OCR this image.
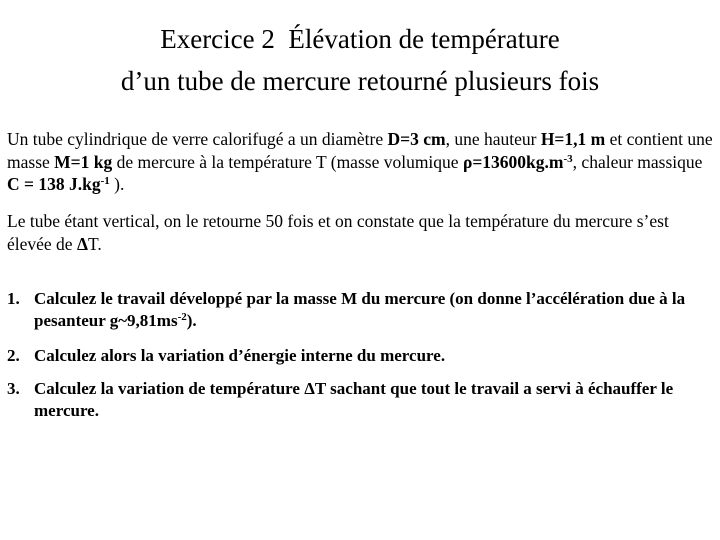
Exercice 2 Élévation de température
d’un tube de mercure retourné plusieurs fois

Un tube cylindrique de verre calorifugé a un diamètre D=3 cm, une hauteur H=1,1 m et contient une masse M=1 kg de mercure à la température T (masse volumique $\rho=13600kg.m^{-3}$, chaleur massique C = 138 $J.kg^{-1}$ ).

Le tube étant vertical, on le retourne 50 fois et on constate que la température du mercure s’est élevée de ΔT.

1. Calculez le travail développé par la masse M du mercure (on donne l’accélération due à la pesanteur $g\sim 9,81ms^{-2}$).
2. Calculez alors la variation d’énergie interne du mercure.
3. Calculez la variation de température ΔT sachant que tout le travail a servi à échauffer le mercure.
